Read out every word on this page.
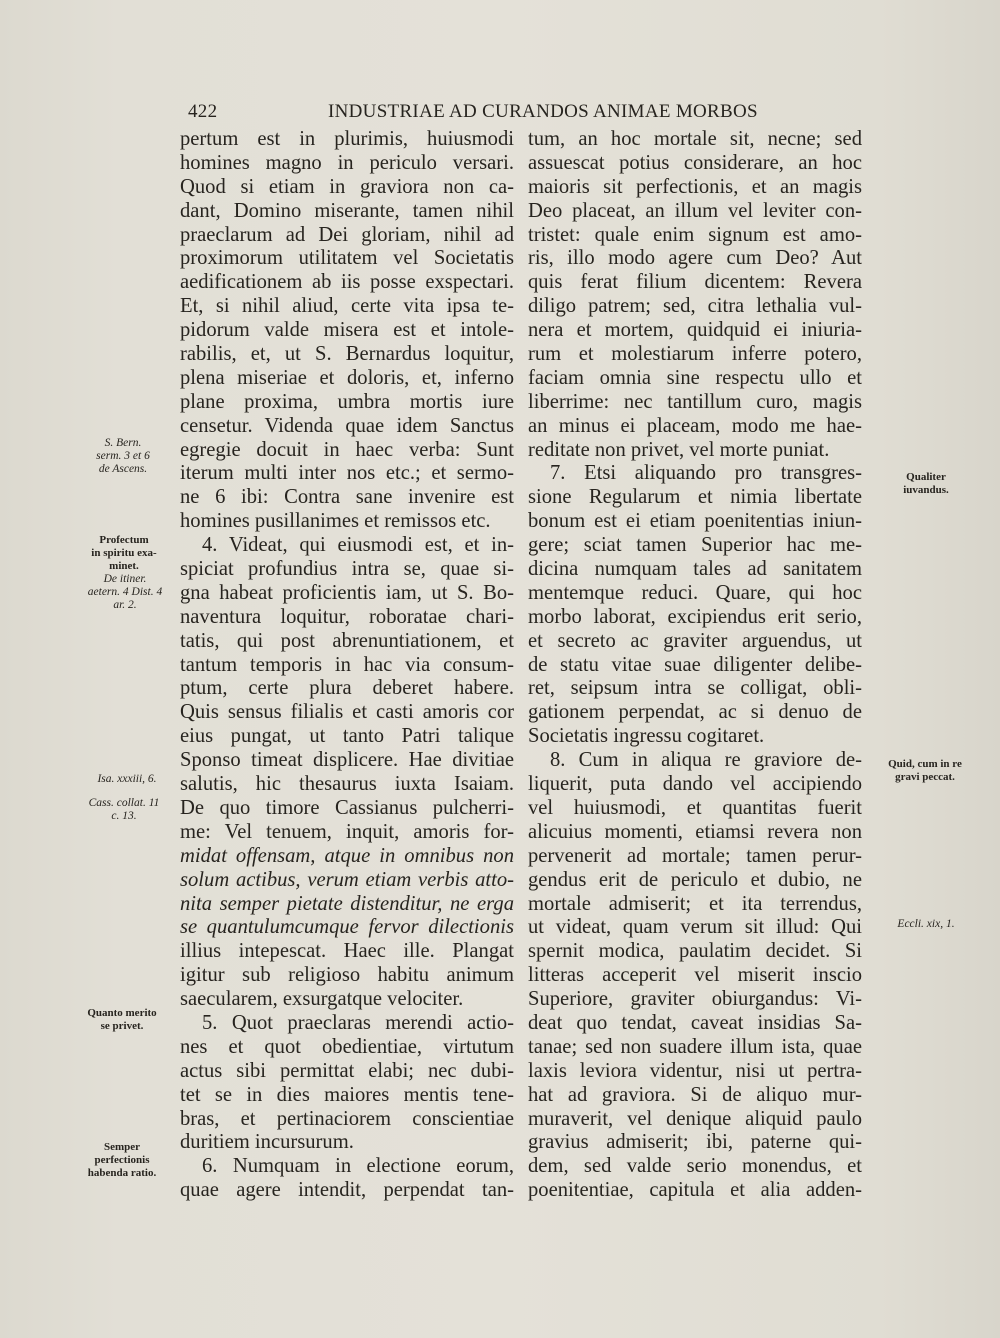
422	INDUSTRIAE AD CURANDOS ANIMAE MORBOS
pertum est in plurimis, huiusmodi
homines magno in periculo versari.
Quod si etiam in graviora non ca-
dant, Domino miserante, tamen nihil
praeclarum ad Dei gloriam, nihil ad
proximorum utilitatem vel Societatis
aedificationem ab iis posse exspectari.
Et, si nihil aliud, certe vita ipsa te-
pidorum valde misera est et intole-
rabilis, et, ut S. Bernardus loquitur,
plena miseriae et doloris, et, inferno
plane proxima, umbra mortis iure
censetur. Videnda quae idem Sanctus
egregie docuit in haec verba: Sunt
iterum multi inter nos etc.; et sermo-
ne 6 ibi: Contra sane invenire est
homines pusillanimes et remissos etc.
4. Videat, qui eiusmodi est, et in-
spiciat profundius intra se, quae si-
gna habeat proficientis iam, ut S. Bo-
naventura loquitur, roboratae chari-
tatis, qui post abrenuntiationem, et
tantum temporis in hac via consum-
ptum, certe plura deberet habere.
Quis sensus filialis et casti amoris cor
eius pungat, ut tanto Patri talique
Sponso timeat displicere. Hae divitiae
salutis, hic thesaurus iuxta Isaiam.
De quo timore Cassianus pulcherri-
me: Vel tenuem, inquit, amoris for-
midat offensam, atque in omnibus non
solum actibus, verum etiam verbis atto-
nita semper pietate distenditur, ne erga
se quantulumcumque fervor dilectionis
illius intepescat. Haec ille. Plangat
igitur sub religioso habitu animum
saecularem, exsurgatque velociter.
5. Quot praeclaras merendi actio-
nes et quot obedientiae, virtutum
actus sibi permittat elabi; nec dubi-
tet se in dies maiores mentis tene-
bras, et pertinaciorem conscientiae
duritiem incursurum.
6. Numquam in electione eorum,
quae agere intendit, perpendat tan-
tum, an hoc mortale sit, necne; sed
assuescat potius considerare, an hoc
maioris sit perfectionis, et an magis
Deo placeat, an illum vel leviter con-
tristet: quale enim signum est amo-
ris, illo modo agere cum Deo? Aut
quis ferat filium dicentem: Revera
diligo patrem; sed, citra lethalia vul-
nera et mortem, quidquid ei iniuria-
rum et molestiarum inferre potero,
faciam omnia sine respectu ullo et
liberrime: nec tantillum curo, magis
an minus ei placeam, modo me hae-
reditate non privet, vel morte puniat.
7. Etsi aliquando pro transgres-
sione Regularum et nimia libertate
bonum est ei etiam poenitentias iniun-
gere; sciat tamen Superior hac me-
dicina numquam tales ad sanitatem
mentemque reduci. Quare, qui hoc
morbo laborat, excipiendus erit serio,
et secreto ac graviter arguendus, ut
de statu vitae suae diligenter delibe-
ret, seipsum intra se colligat, obli-
gationem perpendat, ac si denuo de
Societatis ingressu cogitaret.
8. Cum in aliqua re graviore de-
liquerit, puta dando vel accipiendo
vel huiusmodi, et quantitas fuerit
alicuius momenti, etiamsi revera non
pervenerit ad mortale; tamen perur-
gendus erit de periculo et dubio, ne
mortale admiserit; et ita terrendus,
ut videat, quam verum sit illud: Qui
spernit modica, paulatim decidet. Si
litteras acceperit vel miserit inscio
Superiore, graviter obiurgandus: Vi-
deat quo tendat, caveat insidias Sa-
tanae; sed non suadere illum ista, quae
laxis leviora videntur, nisi ut pertra-
hat ad graviora. Si de aliquo mur-
muraverit, vel denique aliquid paulo
gravius admiserit; ibi, paterne qui-
dem, sed valde serio monendus, et
poenitentiae, capitula et alia adden-
S. Bern.
serm. 3 et 6
de Ascens.
Profectum
in spiritu exa-
minet.
De itiner.
aetern. 4 Dist. 4
ar. 2.
Isa. xxxiii, 6.
Cass. collat. 11
c. 13.
Quanto merito
se privet.
Semper
perfectionis
habenda ratio.
Qualiter
iuvandus.
Quid, cum in re
gravi peccat.
Eccli. xix, 1.
